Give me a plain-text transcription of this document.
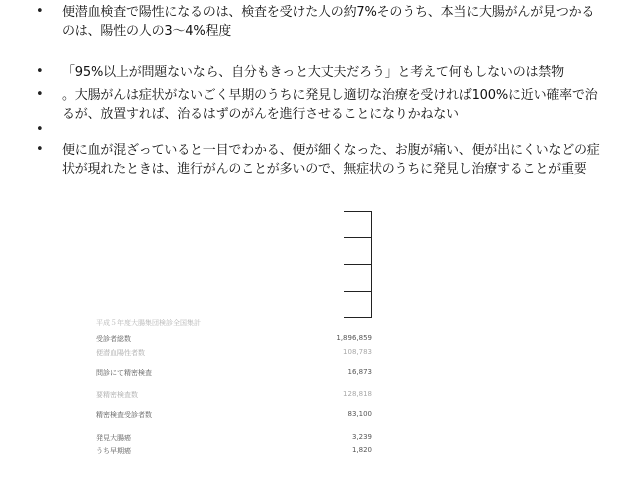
• 便潜血検査で陽性になるのは、検査を受けた人の約7%そのうち、本当に大腸がんが見つかるのは、陽性の人の3～4%程度
• 「95%以上が問題ないなら、自分もきっと大丈夫だろう」と考えて何もしないのは禁物
• 。大腸がんは症状がないごく早期のうちに発見し適切な治療を受ければ100%に近い確率で治るが、放置すれば、治るはずのがんを進行させることになりかねない
•
• 便に血が混ざっていると一目でわかる、便が細くなった、お腹が痛い、便が出にくいなどの症状が現れたときは、進行がんのことが多いので、無症状のうちに発見し治療することが重要
平成５年度大腸集団検診全国集計
受診者総数	1,896,859
便潜血陽性者数	108,783
問診にて精密検査	16,873
要精密検査数	128,818
精密検査受診者数	83,100
発見大腸癌	3,239
うち早期癌	1,820
